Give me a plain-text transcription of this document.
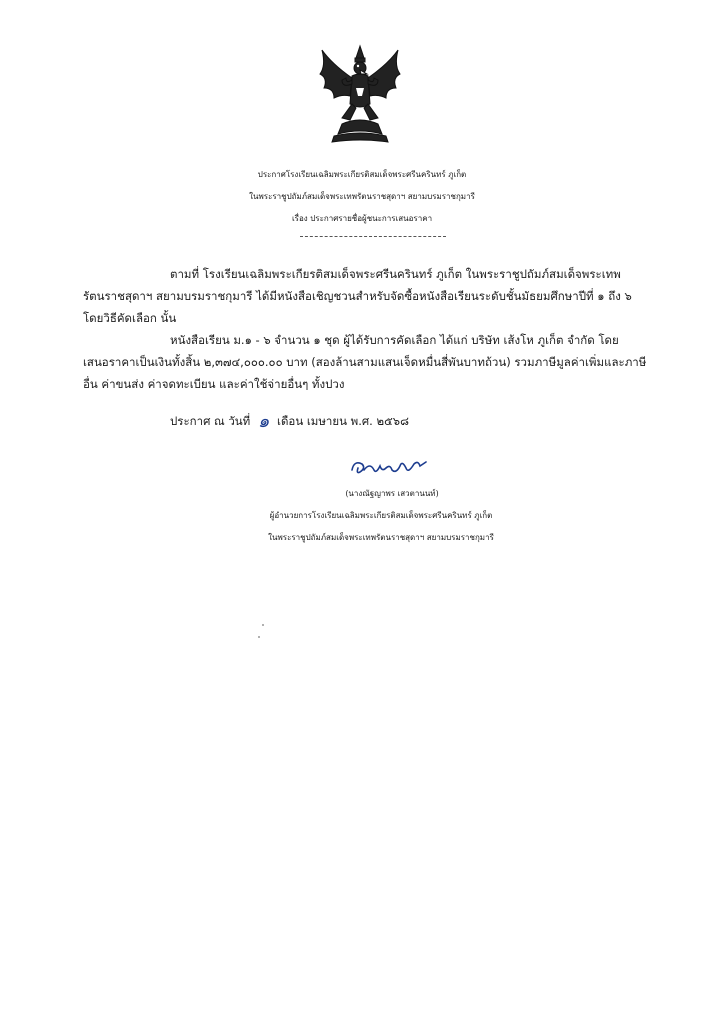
ประกาศโรงเรียนเฉลิมพระเกียรติสมเด็จพระศรีนครินทร์ ภูเก็ต
ในพระราชูปถัมภ์สมเด็จพระเทพรัตนราชสุดาฯ สยามบรมราชกุมารี
เรื่อง ประกาศรายชื่อผู้ชนะการเสนอราคา
ตามที่ โรงเรียนเฉลิมพระเกียรติสมเด็จพระศรีนครินทร์ ภูเก็ต ในพระราชูปถัมภ์สมเด็จพระเทพ
รัตนราชสุดาฯ สยามบรมราชกุมารี ได้มีหนังสือเชิญชวนสำหรับจัดซื้อหนังสือเรียนระดับชั้นมัธยมศึกษาปีที่ ๑ ถึง ๖
โดยวิธีคัดเลือก นั้น
หนังสือเรียน ม.๑ - ๖ จำนวน ๑ ชุด ผู้ได้รับการคัดเลือก ได้แก่ บริษัท เส้งโห ภูเก็ต จำกัด โดย
เสนอราคาเป็นเงินทั้งสิ้น ๒,๓๗๔,๐๐๐.๐๐ บาท (สองล้านสามแสนเจ็ดหมื่นสี่พันบาทถ้วน) รวมภาษีมูลค่าเพิ่มและภาษี
อื่น ค่าขนส่ง ค่าจดทะเบียน และค่าใช้จ่ายอื่นๆ ทั้งปวง
ประกาศ ณ วันที่ ๑ เดือน เมษายน พ.ศ. ๒๕๖๘
(นางณัฐญาพร เสวตานนท์)
ผู้อำนวยการโรงเรียนเฉลิมพระเกียรติสมเด็จพระศรีนครินทร์ ภูเก็ต
ในพระราชูปถัมภ์สมเด็จพระเทพรัตนราชสุดาฯ สยามบรมราชกุมารี
